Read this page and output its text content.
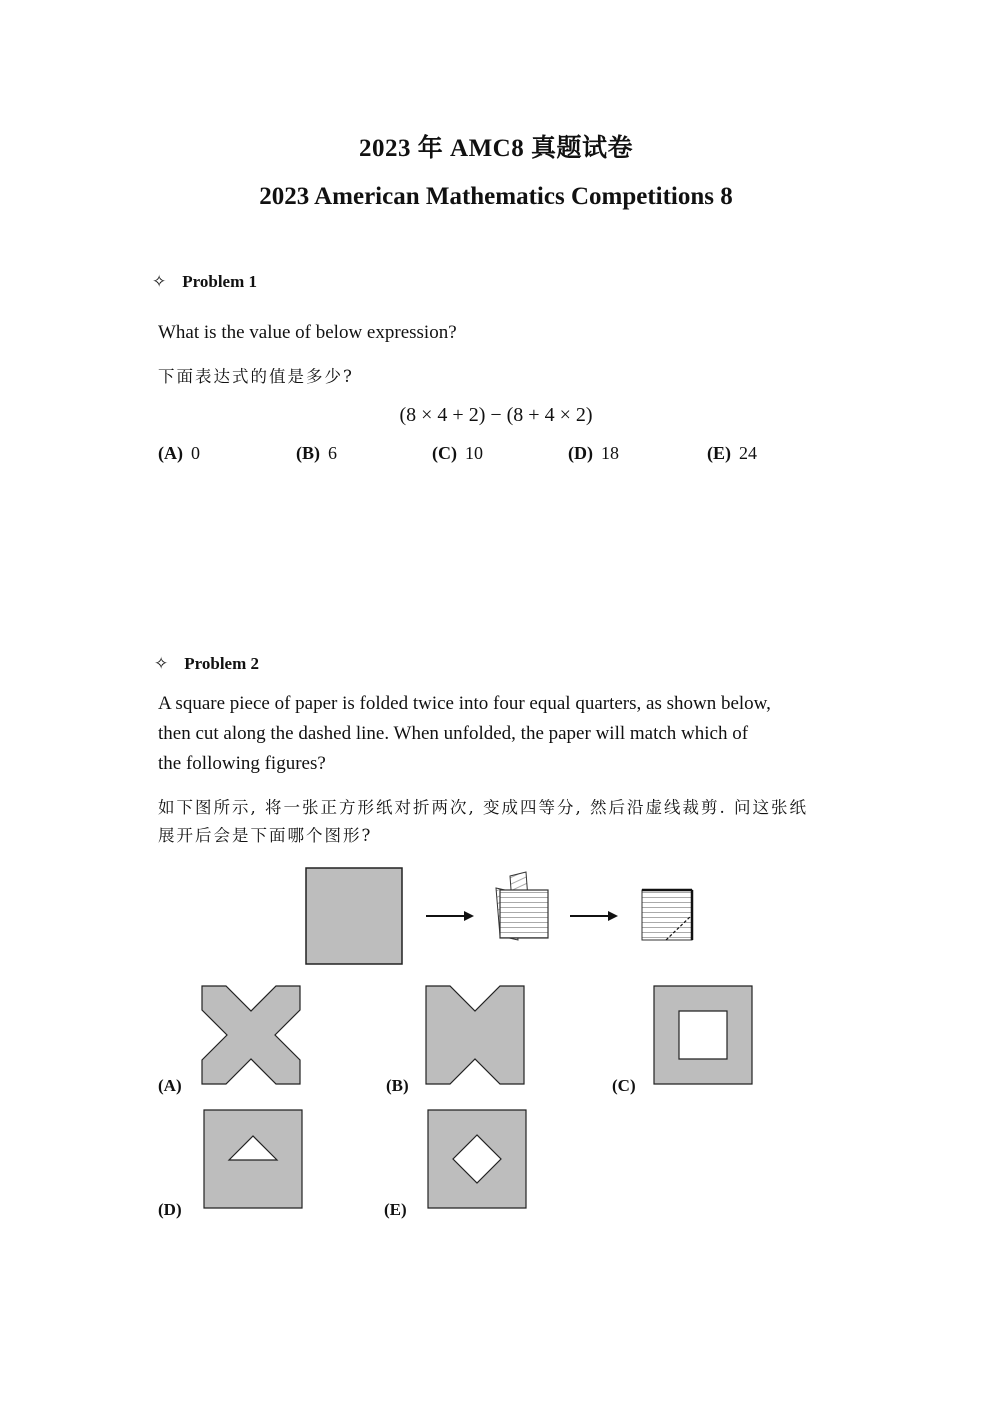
2023 年 AMC8 真题试卷
2023 American Mathematics Competitions 8
✧ Problem 1
What is the value of below expression?
下面表达式的值是多少?
(8 × 4 + 2) − (8 + 4 × 2)
(A) 0	(B) 6	(C) 10	(D) 18	(E) 24
✧ Problem 2
A square piece of paper is folded twice into four equal quarters, as shown below,
then cut along the dashed line. When unfolded, the paper will match which of
the following figures?
如下图所示, 将一张正方形纸对折两次, 变成四等分, 然后沿虚线裁剪. 问这张纸
展开后会是下面哪个图形?
(A)	(B)	(C)
(D)	(E)
